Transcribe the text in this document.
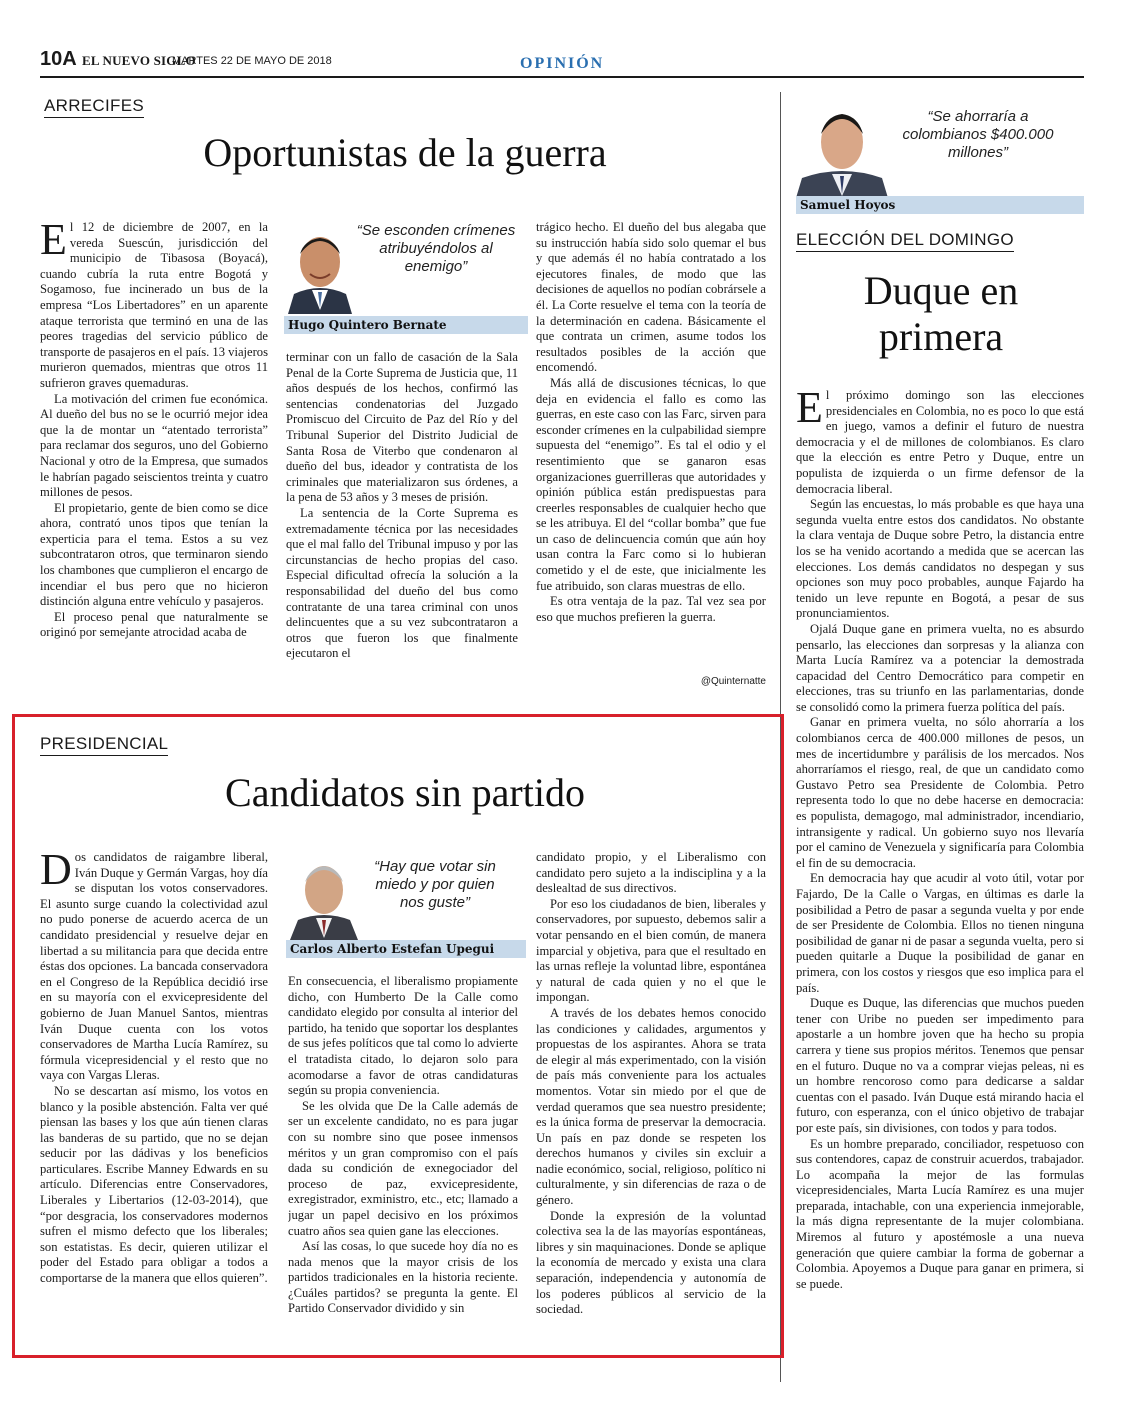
10A EL NUEVO SIGLO
MARTES 22 DE MAYO DE 2018	OPINIÓN
ARRECIFES
Oportunistas de la guerra
E l 12 de diciembre de 2007, en la vereda Suescún, jurisdicción del municipio de Tibasosa (Boyacá), cuando cubría la ruta entre Bogotá y Sogamoso, fue incinerado un bus de la empresa “Los Libertadores” en un aparente ataque terrorista que terminó en una de las peores tragedias del servicio público de transporte de pasajeros en el país. 13 viajeros murieron quemados, mientras que otros 11 sufrieron graves quemaduras.

La motivación del crimen fue económica. Al dueño del bus no se le ocurrió mejor idea que la de montar un “atentado terrorista” para reclamar dos seguros, uno del Gobierno Nacional y otro de la Empresa, que sumados le habrían pagado seiscientos treinta y cuatro millones de pesos.

El propietario, gente de bien como se dice ahora, contrató unos tipos que tenían la experticia para el tema. Estos a su vez subcontrataron otros, que terminaron siendo los chambones que cumplieron el encargo de incendiar el bus pero que no hicieron distinción alguna entre vehículo y pasajeros.

El proceso penal que naturalmente se originó por semejante atrocidad acaba de

“Se esconden crímenes atribuyéndolos al enemigo”
Hugo Quintero Bernate

terminar con un fallo de casación de la Sala Penal de la Corte Suprema de Justicia que, 11 años después de los hechos, confirmó las sentencias condenatorias del Juzgado Promiscuo del Circuito de Paz del Río y del Tribunal Superior del Distrito Judicial de Santa Rosa de Viterbo que condenaron al dueño del bus, ideador y contratista de los criminales que materializaron sus órdenes, a la pena de 53 años y 3 meses de prisión.

La sentencia de la Corte Suprema es extremadamente técnica por las necesidades que el mal fallo del Tribunal impuso y por las circunstancias de hecho propias del caso. Especial dificultad ofrecía la solución a la responsabilidad del dueño del bus como contratante de una tarea criminal con unos delincuentes que a su vez subcontrataron a otros que fueron los que finalmente ejecutaron el

trágico hecho. El dueño del bus alegaba que su instrucción había sido solo quemar el bus y que además él no había contratado a los ejecutores finales, de modo que las decisiones de aquellos no podían cobrársele a él. La Corte resuelve el tema con la teoría de la determinación en cadena. Básicamente el que contrata un crimen, asume todos los resultados posibles de la acción que encomendó.

Más allá de discusiones técnicas, lo que deja en evidencia el fallo es como las guerras, en este caso con las Farc, sirven para esconder crímenes en la culpabilidad siempre supuesta del “enemigo”. Es tal el odio y el resentimiento que se ganaron esas organizaciones guerrilleras que autoridades y opinión pública están predispuestas para creerles responsables de cualquier hecho que se les atribuya. El del “collar bomba” que fue un caso de delincuencia común que aún hoy usan contra la Farc como si lo hubieran cometido y el de este, que inicialmente les fue atribuido, son claras muestras de ello.

Es otra ventaja de la paz. Tal vez sea por eso que muchos prefieren la guerra.

@Quinternatte
PRESIDENCIAL
Candidatos sin partido
D os candidatos de raigambre liberal, Iván Duque y Germán Vargas, hoy día se disputan los votos conservadores. El asunto surge cuando la colectividad azul no pudo ponerse de acuerdo acerca de un candidato presidencial y resuelve dejar en libertad a su militancia para que decida entre éstas dos opciones. La bancada conservadora en el Congreso de la República decidió irse en su mayoría con el exvicepresidente del gobierno de Juan Manuel Santos, mientras Iván Duque cuenta con los votos conservadores de Martha Lucía Ramírez, su fórmula vicepresidencial y el resto que no vaya con Vargas Lleras.

No se descartan así mismo, los votos en blanco y la posible abstención. Falta ver qué piensan las bases y los que aún tienen claras las banderas de su partido, que no se dejan seducir por las dádivas y los beneficios particulares. Escribe Manney Edwards en su artículo. Diferencias entre Conservadores, Liberales y Libertarios (12-03-2014), que “por desgracia, los conservadores modernos sufren el mismo defecto que los liberales; son estatistas. Es decir, quieren utilizar el poder del Estado para obligar a todos a comportarse de la manera que ellos quieren”.

“Hay que votar sin miedo y por quien nos guste”
Carlos Alberto Estefan Upegui

En consecuencia, el liberalismo propiamente dicho, con Humberto De la Calle como candidato elegido por consulta al interior del partido, ha tenido que soportar los desplantes de sus jefes políticos que tal como lo advierte el tratadista citado, lo dejaron solo para acomodarse a favor de otras candidaturas según su propia conveniencia.

Se les olvida que De la Calle además de ser un excelente candidato, no es para jugar con su nombre sino que posee inmensos méritos y un gran compromiso con el país dada su condición de exnegociador del proceso de paz, exvicepresidente, exregistrador, exministro, etc., etc; llamado a jugar un papel decisivo en los próximos cuatro años sea quien gane las elecciones.

Así las cosas, lo que sucede hoy día no es nada menos que la mayor crisis de los partidos tradicionales en la historia reciente. ¿Cuáles partidos? se pregunta la gente. El Partido Conservador dividido y sin

candidato propio, y el Liberalismo con candidato pero sujeto a la indisciplina y a la deslealtad de sus directivos.

Por eso los ciudadanos de bien, liberales y conservadores, por supuesto, debemos salir a votar pensando en el bien común, de manera imparcial y objetiva, para que el resultado en las urnas refleje la voluntad libre, espontánea y natural de cada quien y no el que le impongan.

A través de los debates hemos conocido las condiciones y calidades, argumentos y propuestas de los aspirantes. Ahora se trata de elegir al más experimentado, con la visión de país más conveniente para los actuales momentos. Votar sin miedo por el que de verdad queramos que sea nuestro presidente; es la única forma de preservar la democracia. Un país en paz donde se respeten los derechos humanos y civiles sin excluir a nadie económico, social, religioso, político ni culturalmente, y sin diferencias de raza o de género.

Donde la expresión de la voluntad colectiva sea la de las mayorías espontáneas, libres y sin maquinaciones. Donde se aplique la economía de mercado y exista una clara separación, independencia y autonomía de los poderes públicos al servicio de la sociedad.

“Se ahorraría a colombianos $400.000 millones”
Samuel Hoyos
ELECCIÓN DEL DOMINGO
Duque en
primera
E l próximo domingo son las elecciones presidenciales en Colombia, no es poco lo que está en juego, vamos a definir el futuro de nuestra democracia y el de millones de colombianos. Es claro que la elección es entre Petro y Duque, entre un populista de izquierda o un firme defensor de la democracia liberal.

Según las encuestas, lo más probable es que haya una segunda vuelta entre estos dos candidatos. No obstante la clara ventaja de Duque sobre Petro, la distancia entre los se ha venido acortando a medida que se acercan las elecciones. Los demás candidatos no despegan y sus opciones son muy poco probables, aunque Fajardo ha tenido un leve repunte en Bogotá, a pesar de sus pronunciamientos.

Ojalá Duque gane en primera vuelta, no es absurdo pensarlo, las elecciones dan sorpresas y la alianza con Marta Lucía Ramírez va a potenciar la demostrada capacidad del Centro Democrático para competir en elecciones, tras su triunfo en las parlamentarias, donde se consolidó como la primera fuerza política del país.

Ganar en primera vuelta, no sólo ahorraría a los colombianos cerca de 400.000 millones de pesos, un mes de incertidumbre y parálisis de los mercados. Nos ahorraríamos el riesgo, real, de que un candidato como Gustavo Petro sea Presidente de Colombia. Petro representa todo lo que no debe hacerse en democracia: es populista, demagogo, mal administrador, incendiario, intransigente y radical. Un gobierno suyo nos llevaría por el camino de Venezuela y significaría para Colombia el fin de su democracia.

En democracia hay que acudir al voto útil, votar por Fajardo, De la Calle o Vargas, en últimas es darle la posibilidad a Petro de pasar a segunda vuelta y por ende de ser Presidente de Colombia. Ellos no tienen ninguna posibilidad de ganar ni de pasar a segunda vuelta, pero si pueden quitarle a Duque la posibilidad de ganar en primera, con los costos y riesgos que eso implica para el país.

Duque es Duque, las diferencias que muchos pueden tener con Uribe no pueden ser impedimento para apostarle a un hombre joven que ha hecho su propia carrera y tiene sus propios méritos. Tenemos que pensar en el futuro. Duque no va a comprar viejas peleas, ni es un hombre rencoroso como para dedicarse a saldar cuentas con el pasado. Iván Duque está mirando hacia el futuro, con esperanza, con el único objetivo de trabajar por este país, sin divisiones, con todos y para todos.

Es un hombre preparado, conciliador, respetuoso con sus contendores, capaz de construir acuerdos, trabajador. Lo acompaña la mejor de las formulas vicepresidenciales, Marta Lucía Ramírez es una mujer preparada, intachable, con una experiencia inmejorable, la más digna representante de la mujer colombiana. Miremos al futuro y apostémosle a una nueva generación que quiere cambiar la forma de gobernar a Colombia. Apoyemos a Duque para ganar en primera, si se puede.
